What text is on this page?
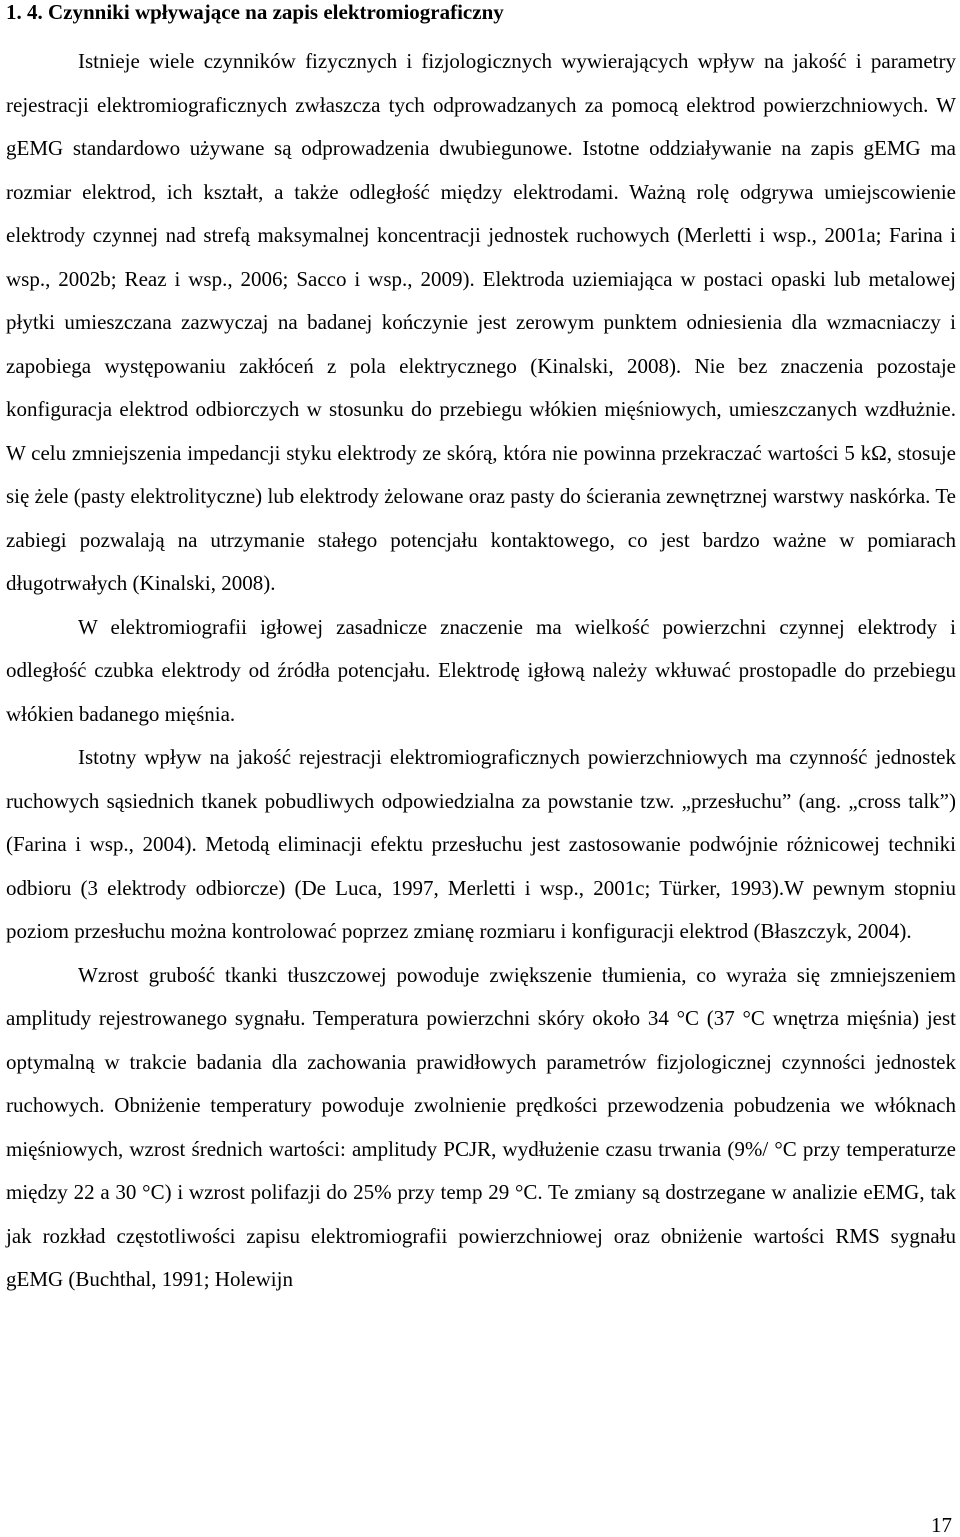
1. 4. Czynniki wpływające na zapis elektromiograficzny

Istnieje wiele czynników fizycznych i fizjologicznych wywierających wpływ na jakość i parametry rejestracji elektromiograficznych zwłaszcza tych odprowadzanych za pomocą elektrod powierzchniowych. W gEMG standardowo używane są odprowadzenia dwubiegunowe. Istotne oddziaływanie na zapis gEMG ma rozmiar elektrod, ich kształt, a także odległość między elektrodami. Ważną rolę odgrywa umiejscowienie elektrody czynnej nad strefą maksymalnej koncentracji jednostek ruchowych (Merletti i wsp., 2001a; Farina i wsp., 2002b; Reaz i wsp., 2006; Sacco i wsp., 2009). Elektroda uziemiająca w postaci opaski lub metalowej płytki umieszczana zazwyczaj na badanej kończynie jest zerowym punktem odniesienia dla wzmacniaczy i zapobiega występowaniu zakłóceń z pola elektrycznego (Kinalski, 2008). Nie bez znaczenia pozostaje konfiguracja elektrod odbiorczych w stosunku do przebiegu włókien mięśniowych, umieszczanych wzdłużnie. W celu zmniejszenia impedancji styku elektrody ze skórą, która nie powinna przekraczać wartości 5 kΩ, stosuje się żele (pasty elektrolityczne) lub elektrody żelowane oraz pasty do ścierania zewnętrznej warstwy naskórka. Te zabiegi pozwalają na utrzymanie stałego potencjału kontaktowego, co jest bardzo ważne w pomiarach długotrwałych (Kinalski, 2008).

W elektromiografii igłowej zasadnicze znaczenie ma wielkość powierzchni czynnej elektrody i odległość czubka elektrody od źródła potencjału. Elektrodę igłową należy wkłuwać prostopadle do przebiegu włókien badanego mięśnia.

Istotny wpływ na jakość rejestracji elektromiograficznych powierzchniowych ma czynność jednostek ruchowych sąsiednich tkanek pobudliwych odpowiedzialna za powstanie tzw. „przesłuchu” (ang. „cross talk”) (Farina i wsp., 2004). Metodą eliminacji efektu przesłuchu jest zastosowanie podwójnie różnicowej techniki odbioru (3 elektrody odbiorcze) (De Luca, 1997, Merletti i wsp., 2001c; Türker, 1993).W pewnym stopniu poziom przesłuchu można kontrolować poprzez zmianę rozmiaru i konfiguracji elektrod (Błaszczyk, 2004).

Wzrost grubość tkanki tłuszczowej powoduje zwiększenie tłumienia, co wyraża się zmniejszeniem amplitudy rejestrowanego sygnału. Temperatura powierzchni skóry około 34 °C (37 °C wnętrza mięśnia) jest optymalną w trakcie badania dla zachowania prawidłowych parametrów fizjologicznej czynności jednostek ruchowych. Obniżenie temperatury powoduje zwolnienie prędkości przewodzenia pobudzenia we włóknach mięśniowych, wzrost średnich wartości: amplitudy PCJR, wydłużenie czasu trwania (9%/ °C przy temperaturze między 22 a 30 °C) i wzrost polifazji do 25% przy temp 29 °C. Te zmiany są dostrzegane w analizie eEMG, tak jak rozkład częstotliwości zapisu elektromiografii powierzchniowej oraz obniżenie wartości RMS sygnału gEMG (Buchthal, 1991; Holewijn

17
